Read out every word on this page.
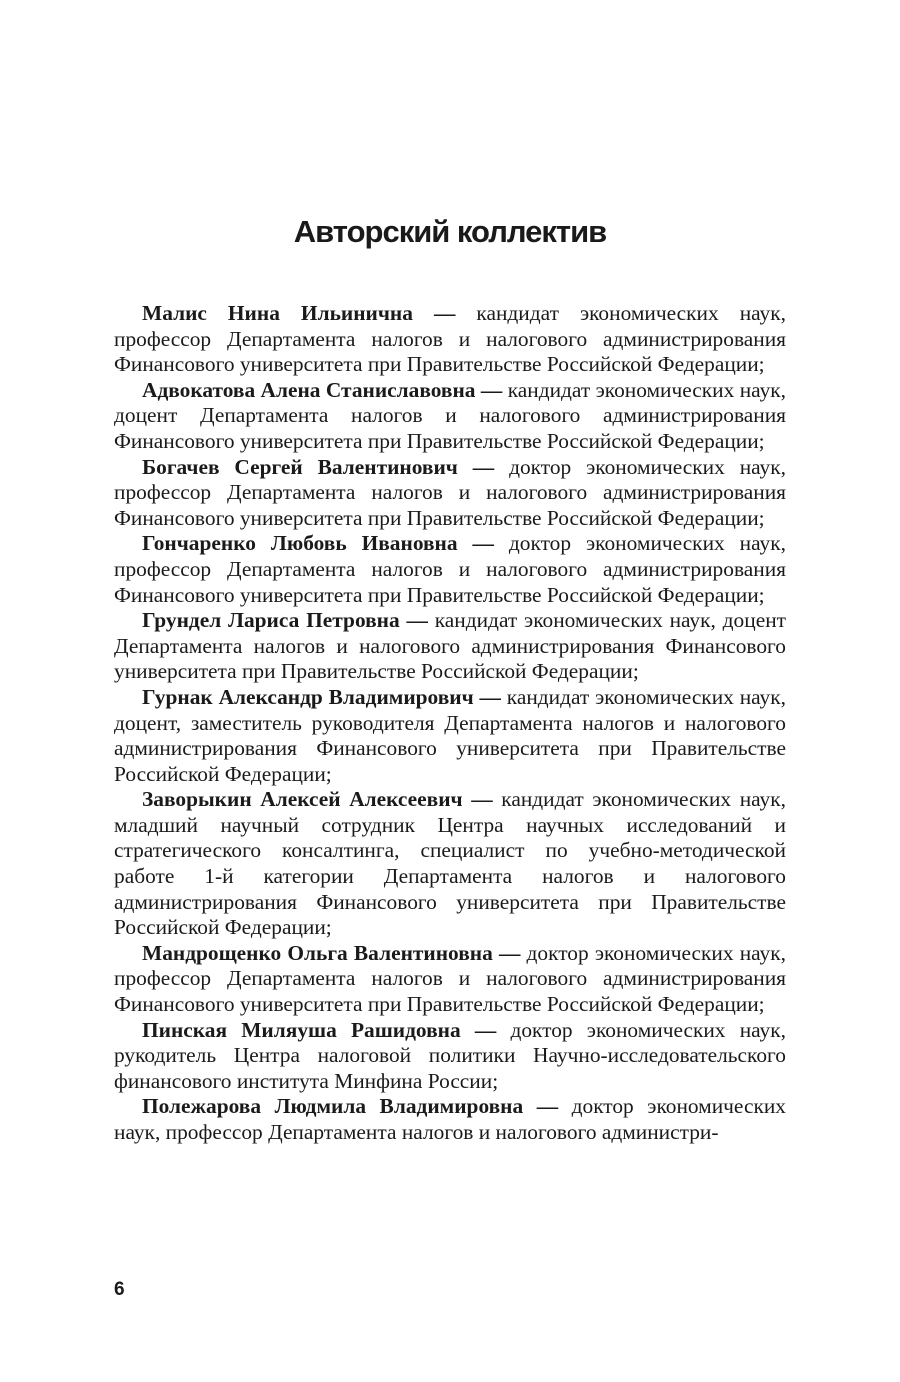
Авторский коллектив

Малис Нина Ильинична — кандидат экономических наук, профессор Департамента налогов и налогового администрирования Финансового университета при Правительстве Российской Федерации;

Адвокатова Алена Станиславовна — кандидат экономических наук, доцент Департамента налогов и налогового администрирования Финансового университета при Правительстве Российской Федерации;

Богачев Сергей Валентинович — доктор экономических наук, профессор Департамента налогов и налогового администрирования Финансового университета при Правительстве Российской Федерации;

Гончаренко Любовь Ивановна — доктор экономических наук, профессор Департамента налогов и налогового администрирования Финансового университета при Правительстве Российской Федерации;

Грундел Лариса Петровна — кандидат экономических наук, доцент Департамента налогов и налогового администрирования Финансового университета при Правительстве Российской Федерации;

Гурнак Александр Владимирович — кандидат экономических наук, доцент, заместитель руководителя Департамента налогов и налогового администрирования Финансового университета при Правительстве Российской Федерации;

Заворыкин Алексей Алексеевич — кандидат экономических наук, младший научный сотрудник Центра научных исследований и стратегического консалтинга, специалист по учебно-методической работе 1-й категории Департамента налогов и налогового администрирования Финансового университета при Правительстве Российской Федерации;

Мандрощенко Ольга Валентиновна — доктор экономических наук, профессор Департамента налогов и налогового администрирования Финансового университета при Правительстве Российской Федерации;

Пинская Миляуша Рашидовна — доктор экономических наук, рукодитель Центра налоговой политики Научно-исследовательского финансового института Минфина России;

Полежарова Людмила Владимировна — доктор экономических наук, профессор Департамента налогов и налогового администри-

6
